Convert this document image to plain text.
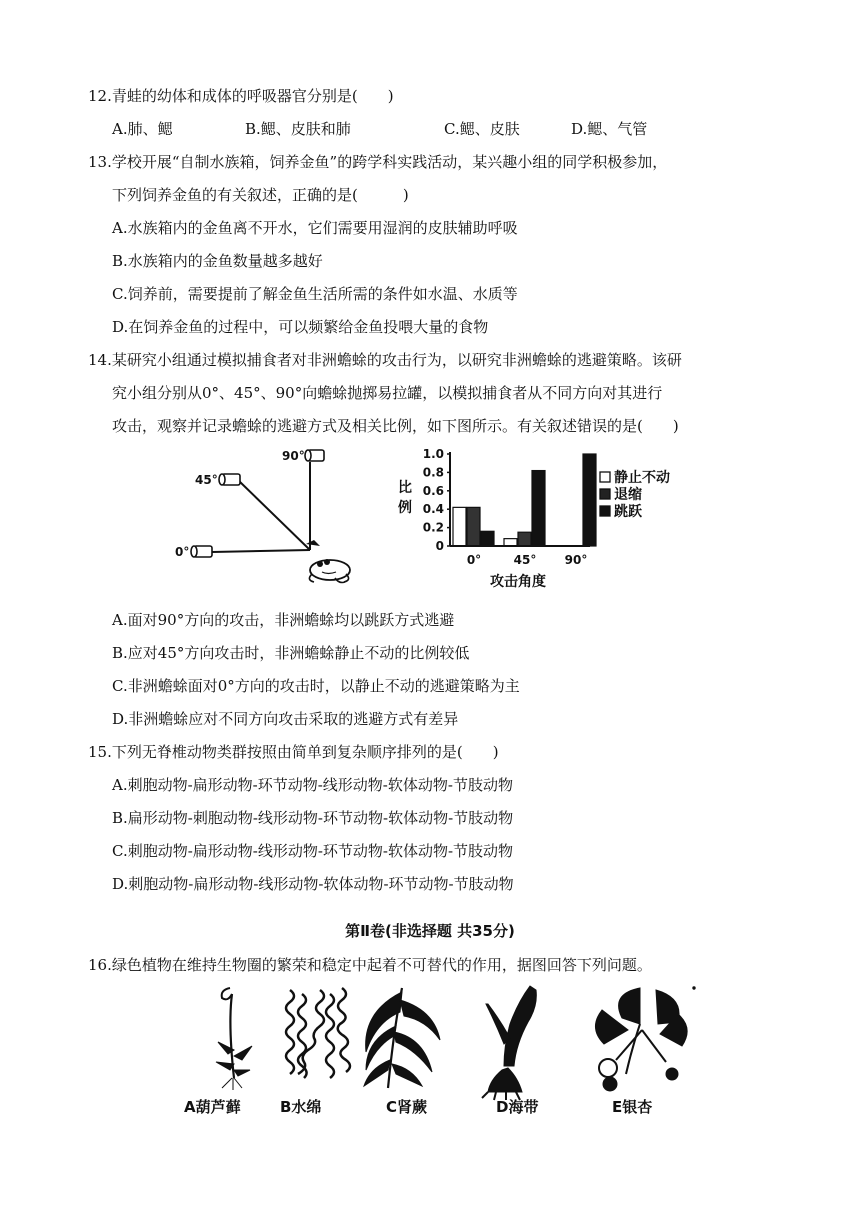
12.青蛙的幼体和成体的呼吸器官分别是(　　)
A.肺、鳃	B.鳃、皮肤和肺	C.鳃、皮肤	D.鳃、气管
13.学校开展“自制水族箱，饲养金鱼”的跨学科实践活动，某兴趣小组的同学积极参加，
下列饲养金鱼的有关叙述，正确的是(　　　)
A.水族箱内的金鱼离不开水，它们需要用湿润的皮肤辅助呼吸
B.水族箱内的金鱼数量越多越好
C.饲养前，需要提前了解金鱼生活所需的条件如水温、水质等
D.在饲养金鱼的过程中，可以频繁给金鱼投喂大量的食物
14.某研究小组通过模拟捕食者对非洲蟾蜍的攻击行为，以研究非洲蟾蜍的逃避策略。该研
究小组分别从0°、45°、90°向蟾蜍抛掷易拉罐，以模拟捕食者从不同方向对其进行
攻击，观察并记录蟾蜍的逃避方式及相关比例，如下图所示。有关叙述错误的是(　　)
0°
45°
90°
比
例
0
0.2
0.4
0.6
0.8
1.0
0°	45° 90°
攻击角度
静止不动
退缩
跳跃
A.面对90°方向的攻击，非洲蟾蜍均以跳跃方式逃避
B.应对45°方向攻击时，非洲蟾蜍静止不动的比例较低
C.非洲蟾蜍面对0°方向的攻击时，以静止不动的逃避策略为主
D.非洲蟾蜍应对不同方向攻击采取的逃避方式有差异
15.下列无脊椎动物类群按照由简单到复杂顺序排列的是(　　)
A.刺胞动物-扁形动物-环节动物-线形动物-软体动物-节肢动物
B.扁形动物-刺胞动物-线形动物-环节动物-软体动物-节肢动物
C.刺胞动物-扁形动物-线形动物-环节动物-软体动物-节肢动物
D.刺胞动物-扁形动物-线形动物-软体动物-环节动物-节肢动物
第Ⅱ卷(非选择题 共35分)
16.绿色植物在维持生物圈的繁荣和稳定中起着不可替代的作用，据图回答下列问题。
A葫芦藓	B水绵	C肾蕨	D海带	E银杏
